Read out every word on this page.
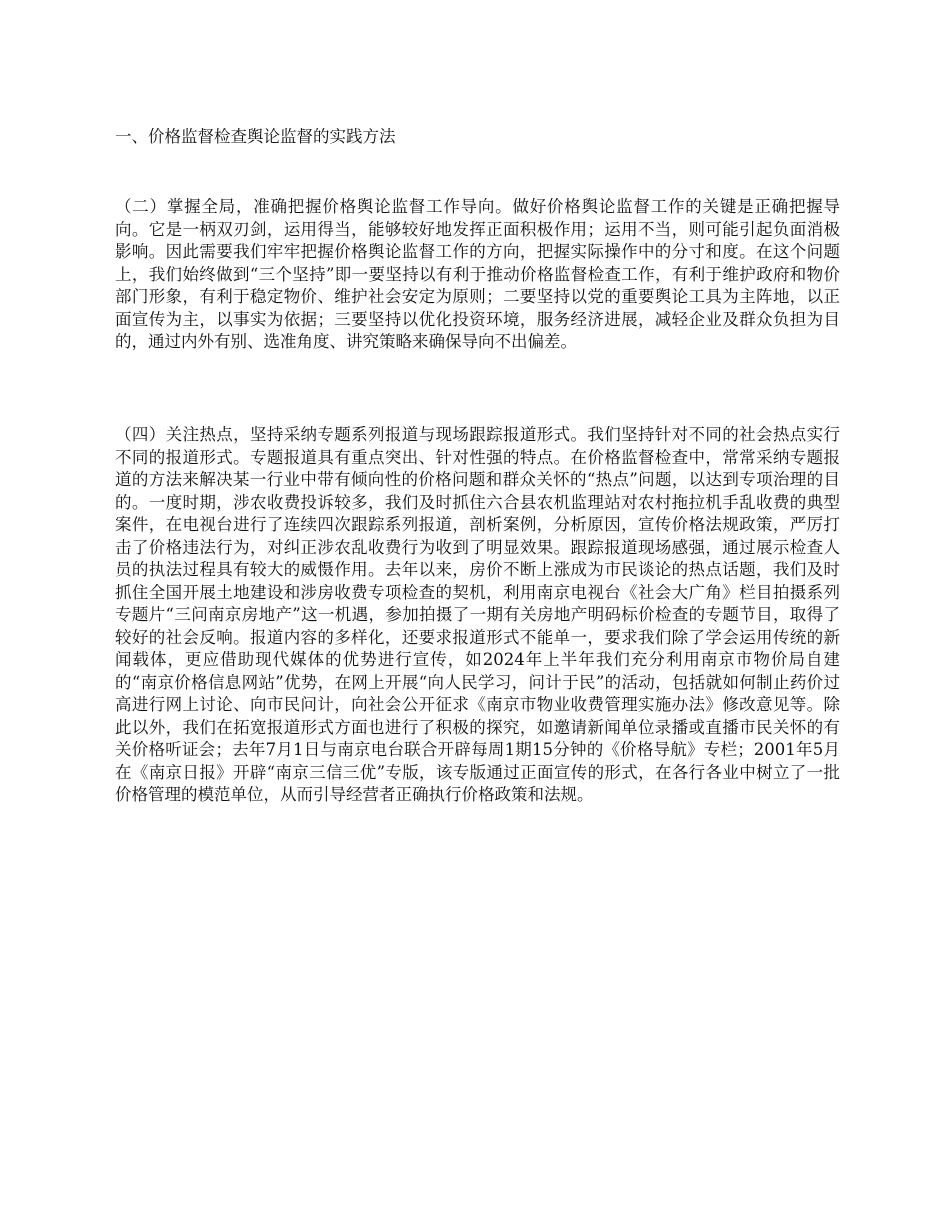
一、价格监督检查舆论监督的实践方法

（二）掌握全局，准确把握价格舆论监督工作导向。做好价格舆论监督工作的关键是正确把握导向。它是一柄双刃剑，运用得当，能够较好地发挥正面积极作用；运用不当，则可能引起负面消极影响。因此需要我们牢牢把握价格舆论监督工作的方向，把握实际操作中的分寸和度。在这个问题上，我们始终做到“三个坚持”即一要坚持以有利于推动价格监督检查工作，有利于维护政府和物价部门形象，有利于稳定物价、维护社会安定为原则；二要坚持以党的重要舆论工具为主阵地，以正面宣传为主，以事实为依据；三要坚持以优化投资环境，服务经济进展，减轻企业及群众负担为目的，通过内外有别、选准角度、讲究策略来确保导向不出偏差。

（四）关注热点，坚持采纳专题系列报道与现场跟踪报道形式。我们坚持针对不同的社会热点实行不同的报道形式。专题报道具有重点突出、针对性强的特点。在价格监督检查中，常常采纳专题报道的方法来解决某一行业中带有倾向性的价格问题和群众关怀的“热点”问题，以达到专项治理的目的。一度时期，涉农收费投诉较多，我们及时抓住六合县农机监理站对农村拖拉机手乱收费的典型案件，在电视台进行了连续四次跟踪系列报道，剖析案例，分析原因，宣传价格法规政策，严厉打击了价格违法行为，对纠正涉农乱收费行为收到了明显效果。跟踪报道现场感强，通过展示检查人员的执法过程具有较大的威慑作用。去年以来，房价不断上涨成为市民谈论的热点话题，我们及时抓住全国开展土地建设和涉房收费专项检查的契机，利用南京电视台《社会大广角》栏目拍摄系列专题片“三问南京房地产”这一机遇，参加拍摄了一期有关房地产明码标价检查的专题节目，取得了较好的社会反响。报道内容的多样化，还要求报道形式不能单一，要求我们除了学会运用传统的新闻载体，更应借助现代媒体的优势进行宣传，如2024年上半年我们充分利用南京市物价局自建的“南京价格信息网站”优势，在网上开展“向人民学习，问计于民”的活动，包括就如何制止药价过高进行网上讨论、向市民问计，向社会公开征求《南京市物业收费管理实施办法》修改意见等。除此以外，我们在拓宽报道形式方面也进行了积极的探究，如邀请新闻单位录播或直播市民关怀的有关价格听证会；去年7月1日与南京电台联合开辟每周1期15分钟的《价格导航》专栏；2001年5月在《南京日报》开辟“南京三信三优”专版，该专版通过正面宣传的形式，在各行各业中树立了一批价格管理的模范单位，从而引导经营者正确执行价格政策和法规。
